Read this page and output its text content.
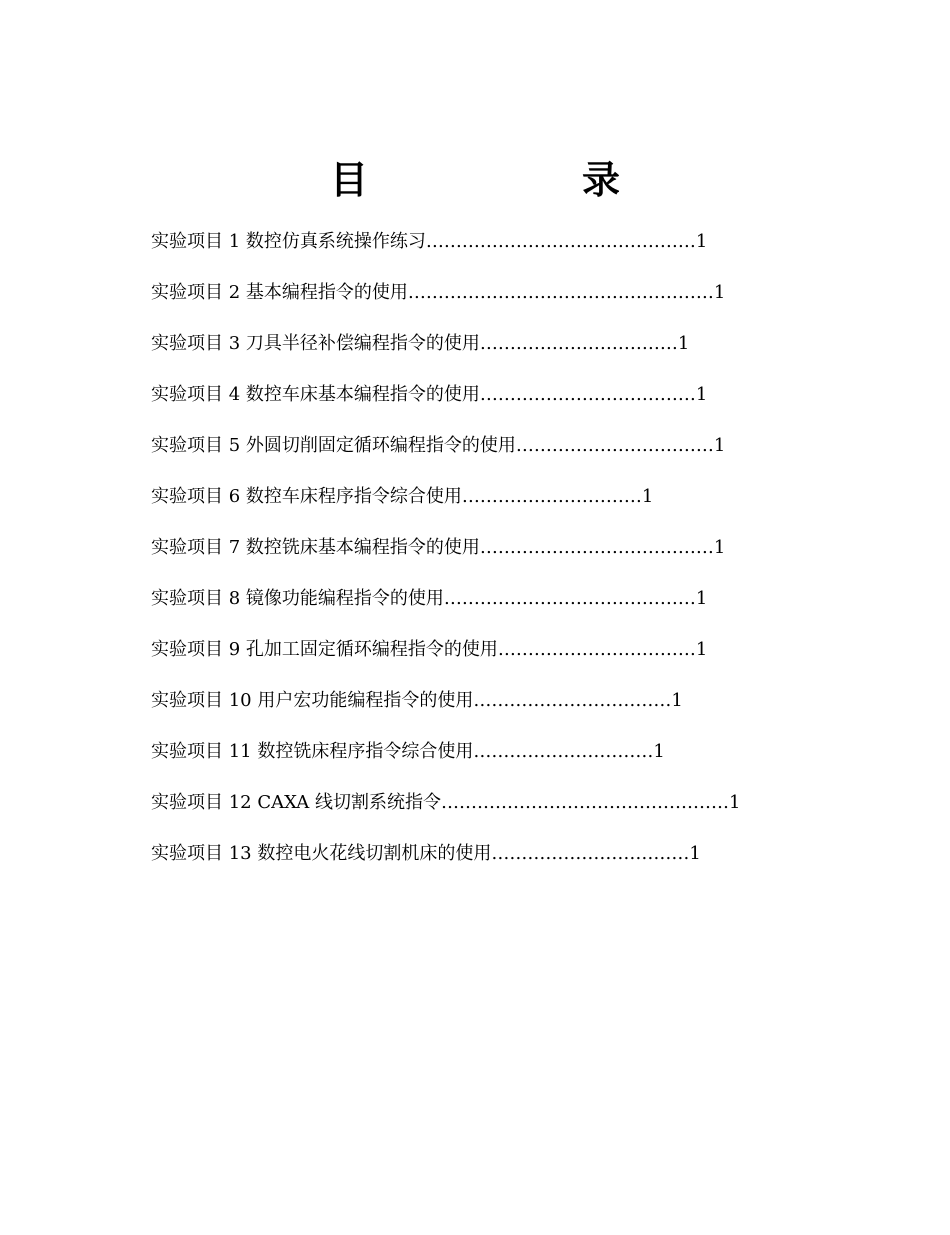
目　录
实验项目 1 数控仿真系统操作练习………………………………………1
实验项目 2 基本编程指令的使用……………………………………………1
实验项目 3 刀具半径补偿编程指令的使用……………………………1
实验项目 4 数控车床基本编程指令的使用………………………………1
实验项目 5 外圆切削固定循环编程指令的使用……………………………1
实验项目 6 数控车床程序指令综合使用…………………………1
实验项目 7 数控铣床基本编程指令的使用…………………………………1
实验项目 8 镜像功能编程指令的使用……………………………………1
实验项目 9 孔加工固定循环编程指令的使用……………………………1
实验项目 10 用户宏功能编程指令的使用……………………………1
实验项目 11 数控铣床程序指令综合使用…………………………1
实验项目 12 CAXA 线切割系统指令…………………………………………1
实验项目 13 数控电火花线切割机床的使用……………………………1
